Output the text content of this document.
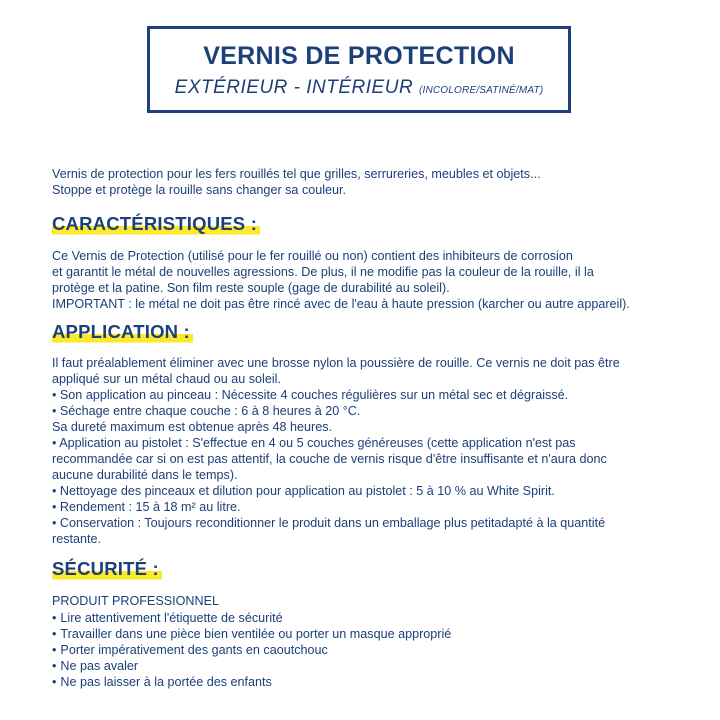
VERNIS DE PROTECTION
EXTÉRIEUR - INTÉRIEUR (INCOLORE/SATINÉ/MAT)

Vernis de protection pour les fers rouillés tel que grilles, serrureries, meubles et objets...

Stoppe et protège la rouille sans changer sa couleur.

CARACTÉRISTIQUES :

Ce Vernis de Protection (utilisé pour le fer rouillé ou non) contient des inhibiteurs de corrosion

et garantit le métal de nouvelles agressions. De plus, il ne modifie pas la couleur de la rouille, il la

protège et la patine. Son film reste souple (gage de durabilité au soleil).

IMPORTANT : le métal ne doit pas être rincé avec de l'eau à haute pression (karcher ou autre appareil).

APPLICATION :

Il faut préalablement éliminer avec une brosse nylon la poussière de rouille. Ce vernis ne doit pas être

appliqué sur un métal chaud ou au soleil.

• Son application au pinceau : Nécessite 4 couches régulières sur un métal sec et dégraissé.

• Séchage entre chaque couche : 6 à 8 heures à 20 °C.

Sa dureté maximum est obtenue après 48 heures.

• Application au pistolet : S'effectue en 4 ou 5 couches généreuses (cette application n'est pas

recommandée car si on est pas attentif, la couche de vernis risque d'être insuffisante et n'aura donc

aucune durabilité dans le temps).

• Nettoyage des pinceaux et dilution pour application au pistolet : 5 à 10 % au White Spirit.

• Rendement : 15 à 18 m² au litre.

• Conservation : Toujours reconditionner le produit dans un emballage plus petitadapté à la quantité

restante.

SÉCURITÉ :

PRODUIT PROFESSIONNEL

• Lire attentivement l'étiquette de sécurité
• Travailler dans une pièce bien ventilée ou porter un masque approprié
• Porter impérativement des gants en caoutchouc
• Ne pas avaler
• Ne pas laisser à la portée des enfants
